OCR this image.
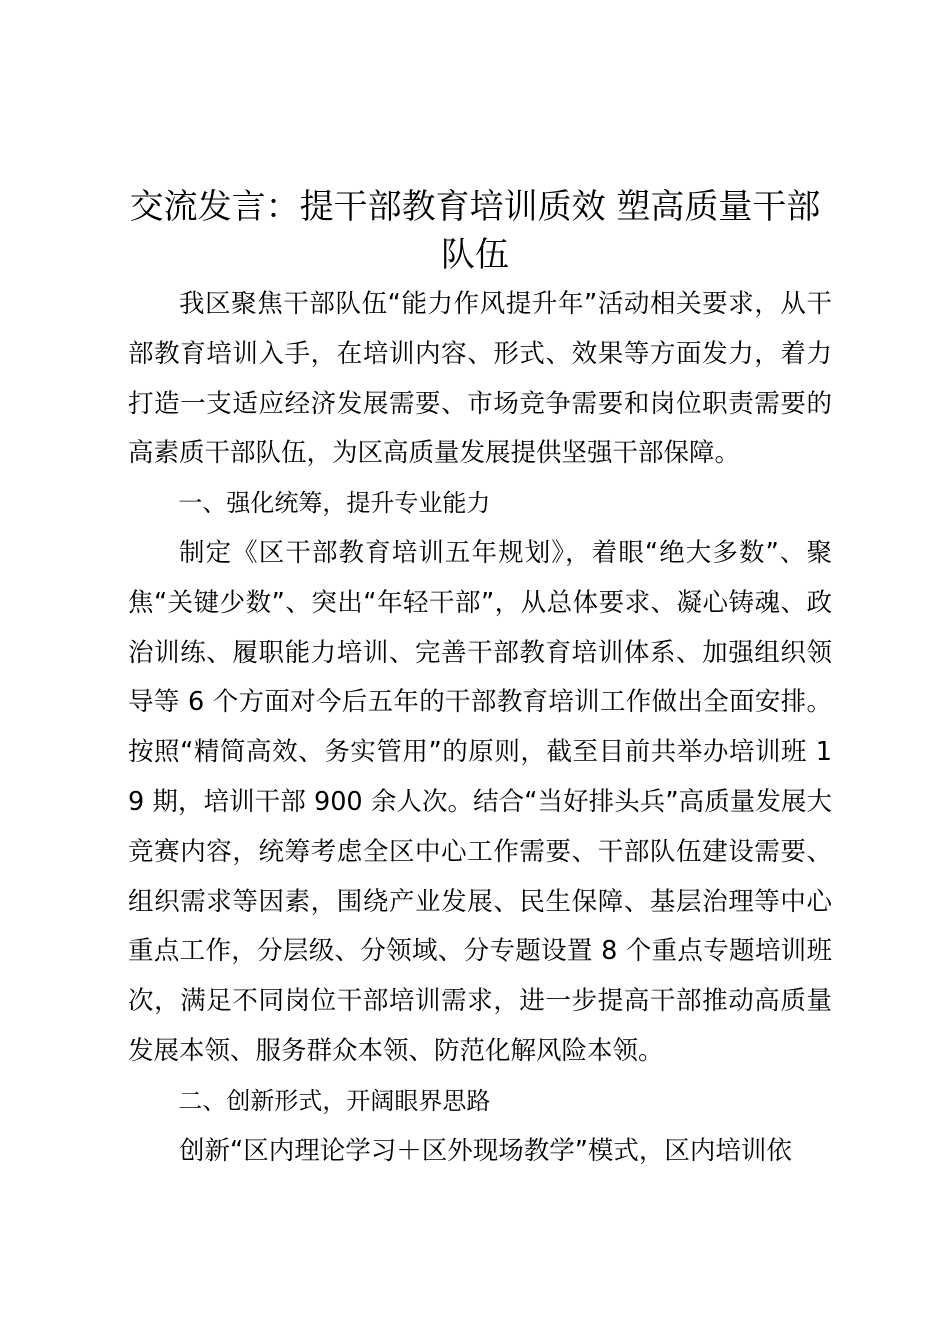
交流发言：提干部教育培训质效 塑高质量干部队伍

我区聚焦干部队伍“能力作风提升年”活动相关要求，从干部教育培训入手，在培训内容、形式、效果等方面发力，着力打造一支适应经济发展需要、市场竞争需要和岗位职责需要的高素质干部队伍，为区高质量发展提供坚强干部保障。

一、强化统筹，提升专业能力

制定《区干部教育培训五年规划》，着眼“绝大多数”、聚焦“关键少数”、突出“年轻干部”，从总体要求、凝心铸魂、政治训练、履职能力培训、完善干部教育培训体系、加强组织领导等 6 个方面对今后五年的干部教育培训工作做出全面安排。按照“精简高效、务实管用”的原则，截至目前共举办培训班 19 期，培训干部 900 余人次。结合“当好排头兵”高质量发展大竞赛内容，统筹考虑全区中心工作需要、干部队伍建设需要、组织需求等因素，围绕产业发展、民生保障、基层治理等中心重点工作，分层级、分领域、分专题设置 8 个重点专题培训班次，满足不同岗位干部培训需求，进一步提高干部推动高质量发展本领、服务群众本领、防范化解风险本领。

二、创新形式，开阔眼界思路

创新“区内理论学习＋区外现场教学”模式，区内培训依
